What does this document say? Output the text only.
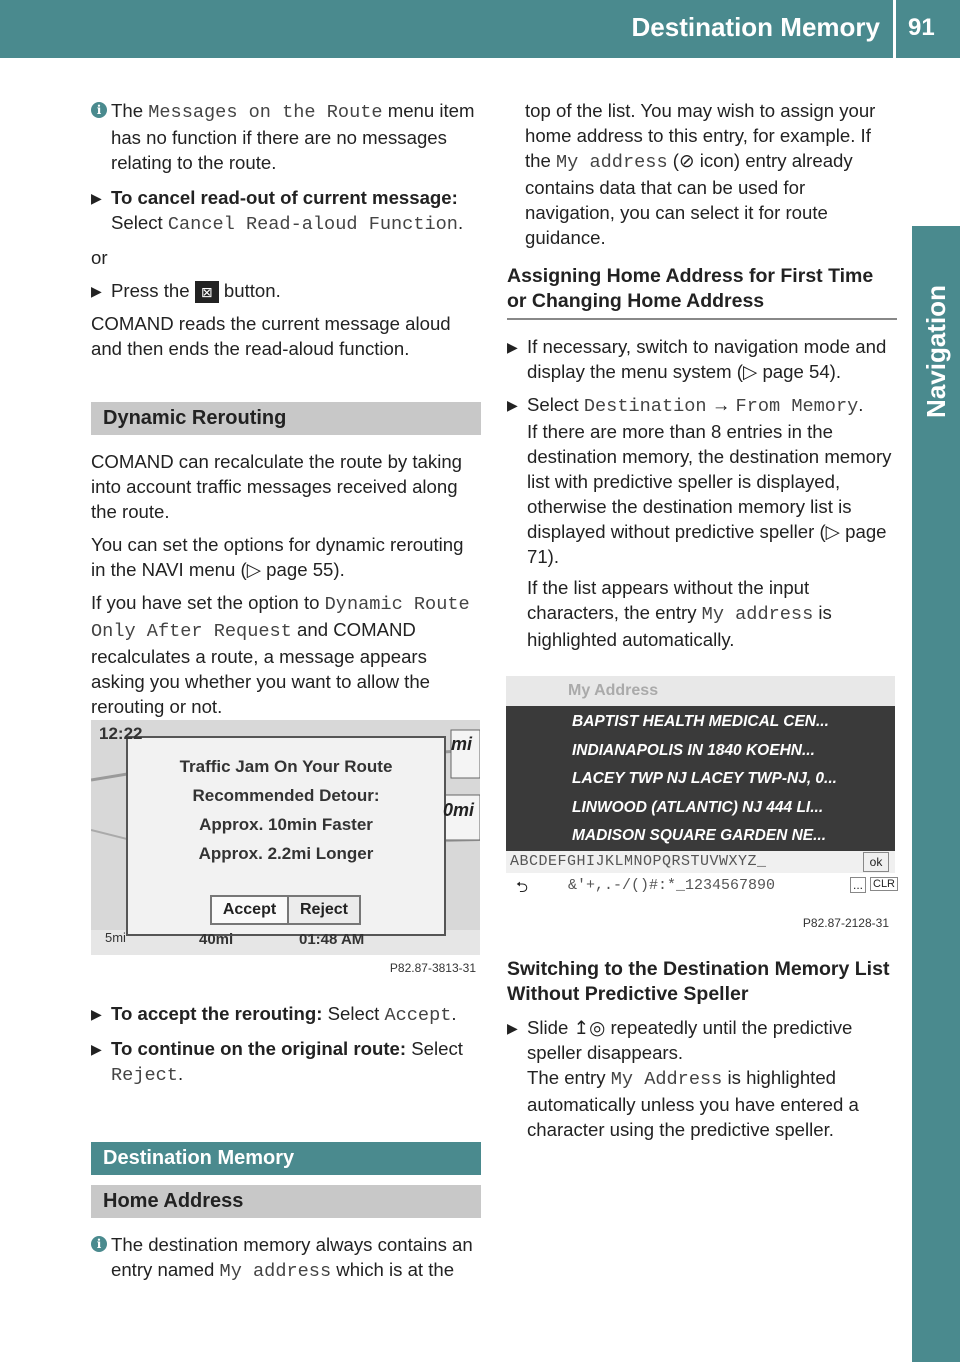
Destination Memory 91
Navigation
i The Messages on the Route menu item has no function if there are no messages relating to the route.
▶ To cancel read-out of current message:
Select Cancel Read-aloud Function.

or

▶ Press the ⊠ button.

COMAND reads the current message aloud and then ends the read-aloud function.

Dynamic Rerouting

COMAND can recalculate the route by taking into account traffic messages received along the route.

You can set the options for dynamic rerouting in the NAVI menu (▷ page 55).

If you have set the option to Dynamic Route Only After Request and COMAND recalculates a route, a message appears asking you whether you want to allow the rerouting or not.

12:22
mi
0mi
Traffic Jam On Your Route
Recommended Detour:
Approx. 10min Faster
Approx. 2.2mi Longer
Accept	Reject
5mi	40mi	01:48 AM
P82.87-3813-31
▶ To accept the rerouting: Select Accept.
▶ To continue on the original route: Select Reject.
Destination Memory
Home Address
i The destination memory always contains an entry named My address which is at the

top of the list. You may wish to assign your home address to this entry, for example. If the My address (⊘ icon) entry already contains data that can be used for navigation, you can select it for route guidance.

Assigning Home Address for First Time or Changing Home Address
▶ If necessary, switch to navigation mode and display the menu system (▷ page 54).
▶ Select Destination → From Memory.
If there are more than 8 entries in the destination memory, the destination memory list with predictive speller is displayed, otherwise the destination memory list is displayed without predictive speller (▷ page 71).
If the list appears without the input characters, the entry My address is highlighted automatically.
My Address
BAPTIST HEALTH MEDICAL CEN...
INDIANAPOLIS IN 1840 KOEHN...
LACEY TWP NJ LACEY TWP-NJ, 0...
LINWOOD (ATLANTIC) NJ 444 LI...
MADISON SQUARE GARDEN NE...
ABCDEFGHIJKLMNOPQRSTUVWXYZ_	ok
⮌	&'+,.-/()#:*_1234567890	... CLR
P82.87-2128-31
Switching to the Destination Memory List Without Predictive Speller
▶ Slide ↥◎ repeatedly until the predictive speller disappears.
The entry My Address is highlighted automatically unless you have entered a character using the predictive speller.
